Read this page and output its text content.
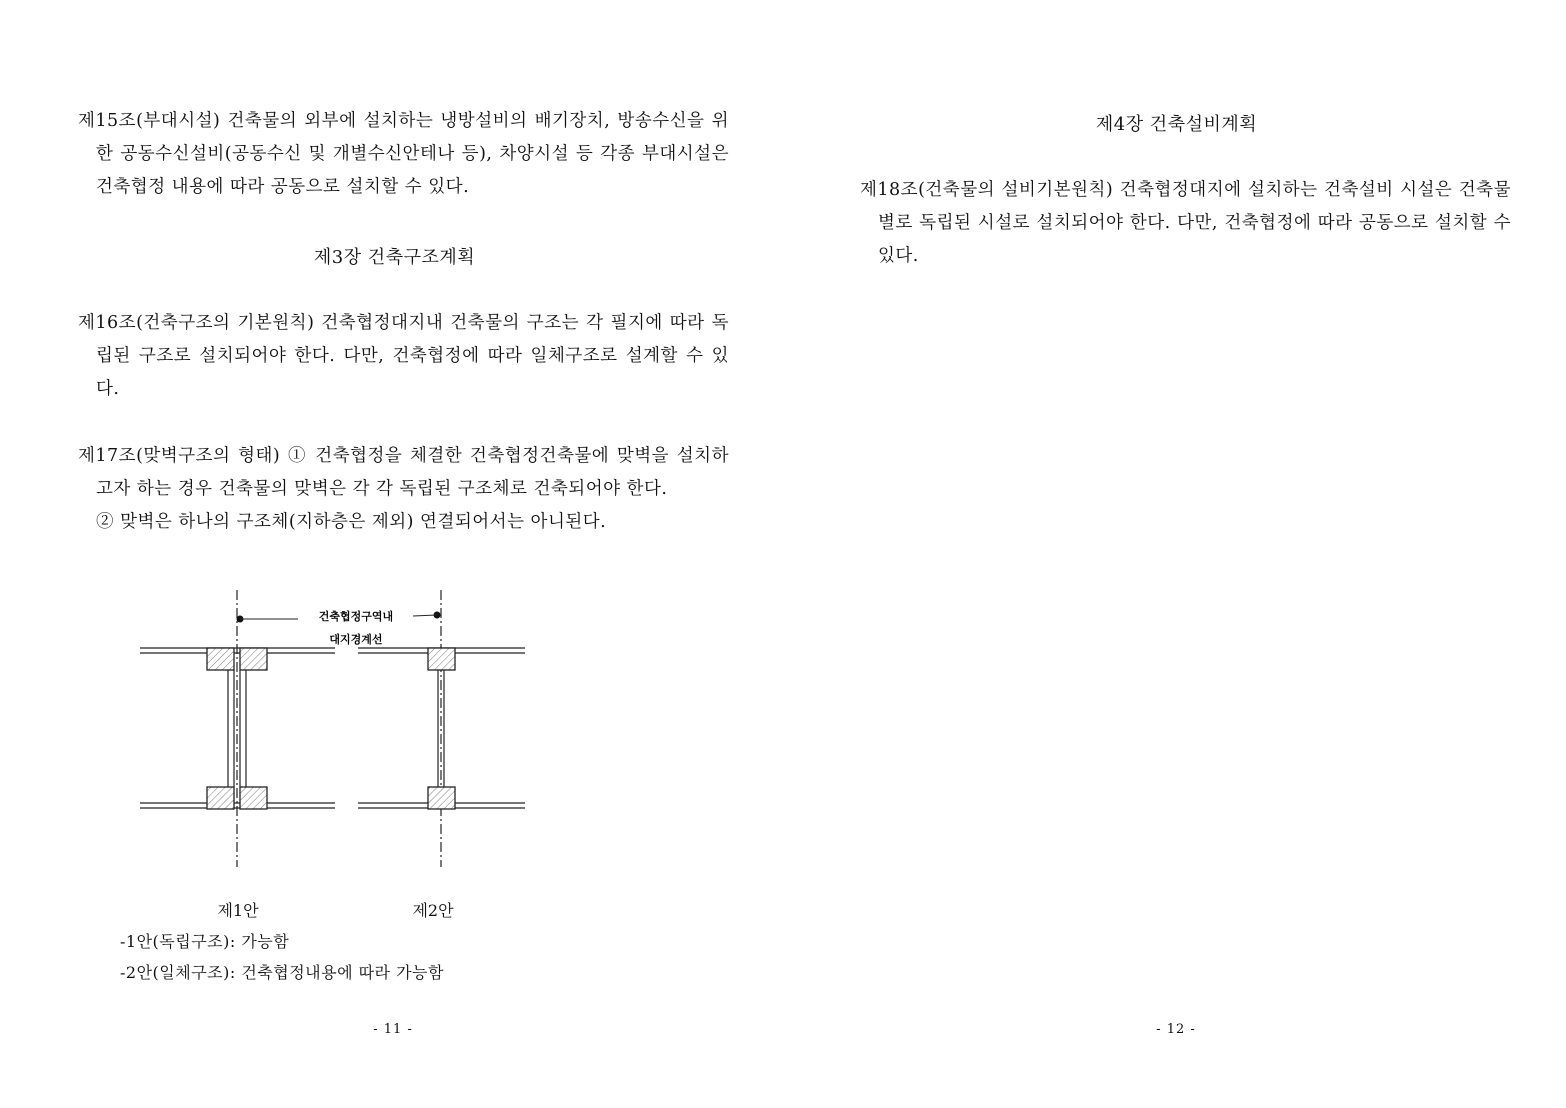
제15조(부대시설) 건축물의 외부에 설치하는 냉방설비의 배기장치, 방송수신을 위한 공동수신설비(공동수신 및 개별수신안테나 등), 차양시설 등 각종 부대시설은 건축협정 내용에 따라 공동으로 설치할 수 있다.

제3장 건축구조계획

제16조(건축구조의 기본원칙) 건축협정대지내 건축물의 구조는 각 필지에 따라 독립된 구조로 설치되어야 한다. 다만, 건축협정에 따라 일체구조로 설계할 수 있다.

제17조(맞벽구조의 형태) ① 건축협정을 체결한 건축협정건축물에 맞벽을 설치하고자 하는 경우 건축물의 맞벽은 각 각 독립된 구조체로 건축되어야 한다.

② 맞벽은 하나의 구조체(지하층은 제외) 연결되어서는 아니된다.

건축협정구역내
대지경계선
제1안	제2안
-1안(독립구조): 가능함
-2안(일체구조): 건축협정내용에 따라 가능함
- 11 -
제4장 건축설비계획

제18조(건축물의 설비기본원칙) 건축협정대지에 설치하는 건축설비 시설은 건축물별로 독립된 시설로 설치되어야 한다. 다만, 건축협정에 따라 공동으로 설치할 수 있다.

- 12 -
